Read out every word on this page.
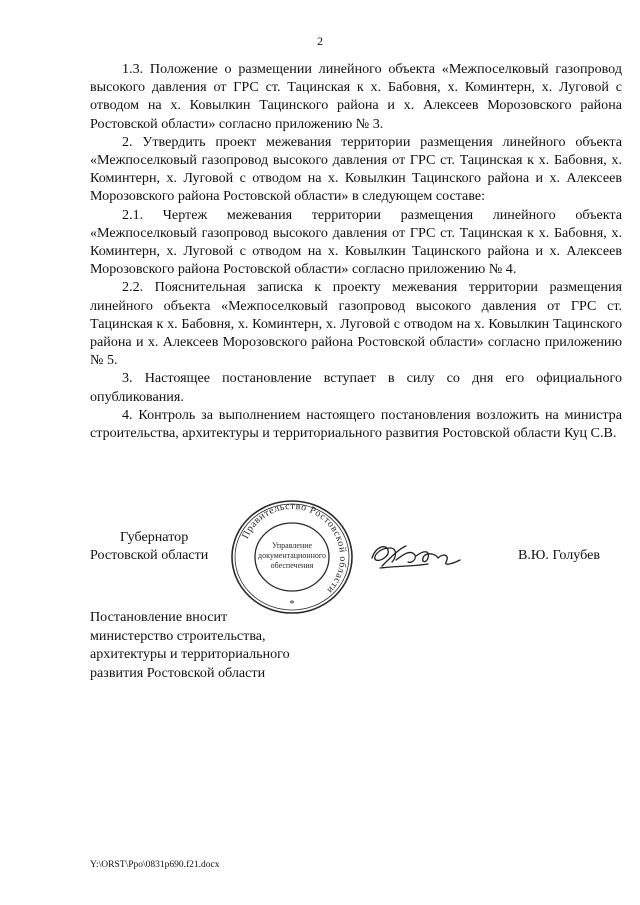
2

1.3. Положение о размещении линейного объекта «Межпоселковый газопровод высокого давления от ГРС ст. Тацинская к х. Бабовня, х. Коминтерн, х. Луговой с отводом на х. Ковылкин Тацинского района и х. Алексеев Морозовского района Ростовской области» согласно приложению № 3.

2. Утвердить проект межевания территории размещения линейного объекта «Межпоселковый газопровод высокого давления от ГРС ст. Тацинская к х. Бабовня, х. Коминтерн, х. Луговой с отводом на х. Ковылкин Тацинского района и х. Алексеев Морозовского района Ростовской области» в следующем составе:

2.1. Чертеж межевания территории размещения линейного объекта «Межпоселковый газопровод высокого давления от ГРС ст. Тацинская к х. Бабовня, х. Коминтерн, х. Луговой с отводом на х. Ковылкин Тацинского района и х. Алексеев Морозовского района Ростовской области» согласно приложению № 4.

2.2. Пояснительная записка к проекту межевания территории размещения линейного объекта «Межпоселковый газопровод высокого давления от ГРС ст. Тацинская к х. Бабовня, х. Коминтерн, х. Луговой с отводом на х. Ковылкин Тацинского района и х. Алексеев Морозовского района Ростовской области» согласно приложению № 5.

3. Настоящее постановление вступает в силу со дня его официального опубликования.

4. Контроль за выполнением настоящего постановления возложить на министра строительства, архитектуры и территориального развития Ростовской области Куц С.В.

Губернатор
Ростовской области
Правительство Ростовской области
Управление
документационного
обеспечения
*
В.Ю. Голубев
Постановление вносит
министерство строительства,
архитектуры и территориального
развития Ростовской области
Y:\ORST\Ppo\0831p690.f21.docx
